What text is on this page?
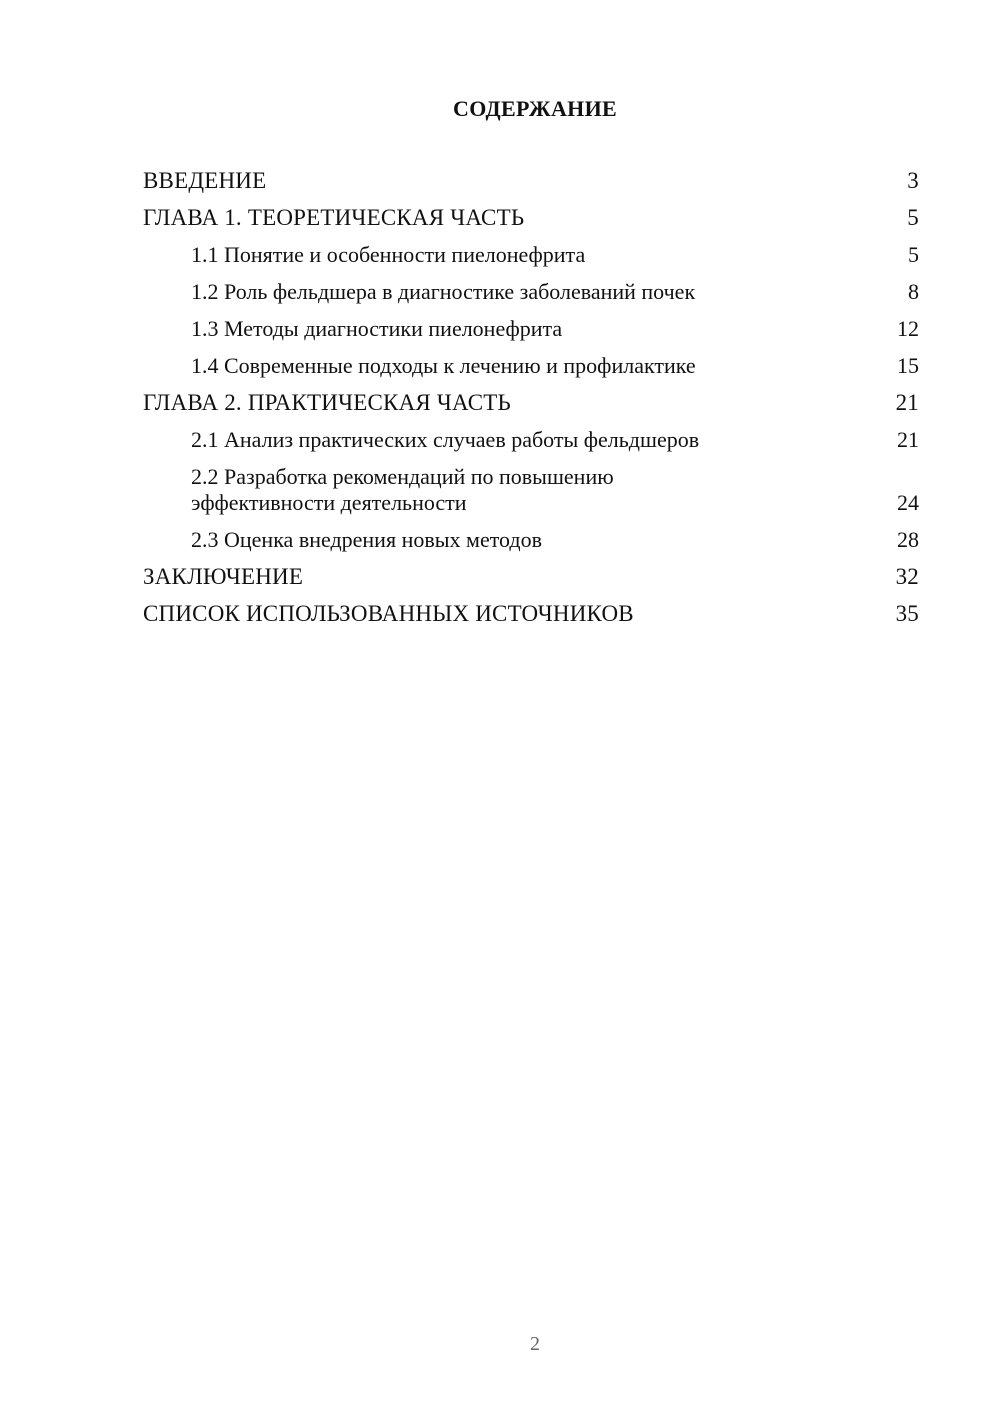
СОДЕРЖАНИЕ
ВВЕДЕНИЕ	3
ГЛАВА 1. ТЕОРЕТИЧЕСКАЯ ЧАСТЬ	5
1.1 Понятие и особенности пиелонефрита	5
1.2 Роль фельдшера в диагностике заболеваний почек	8
1.3 Методы диагностики пиелонефрита	12
1.4 Современные подходы к лечению и профилактике	15
ГЛАВА 2. ПРАКТИЧЕСКАЯ ЧАСТЬ	21
2.1 Анализ практических случаев работы фельдшеров	21
2.2 Разработка рекомендаций по повышению эффективности деятельности	24
2.3 Оценка внедрения новых методов	28
ЗАКЛЮЧЕНИЕ	32
СПИСОК ИСПОЛЬЗОВАННЫХ ИСТОЧНИКОВ	35

2
